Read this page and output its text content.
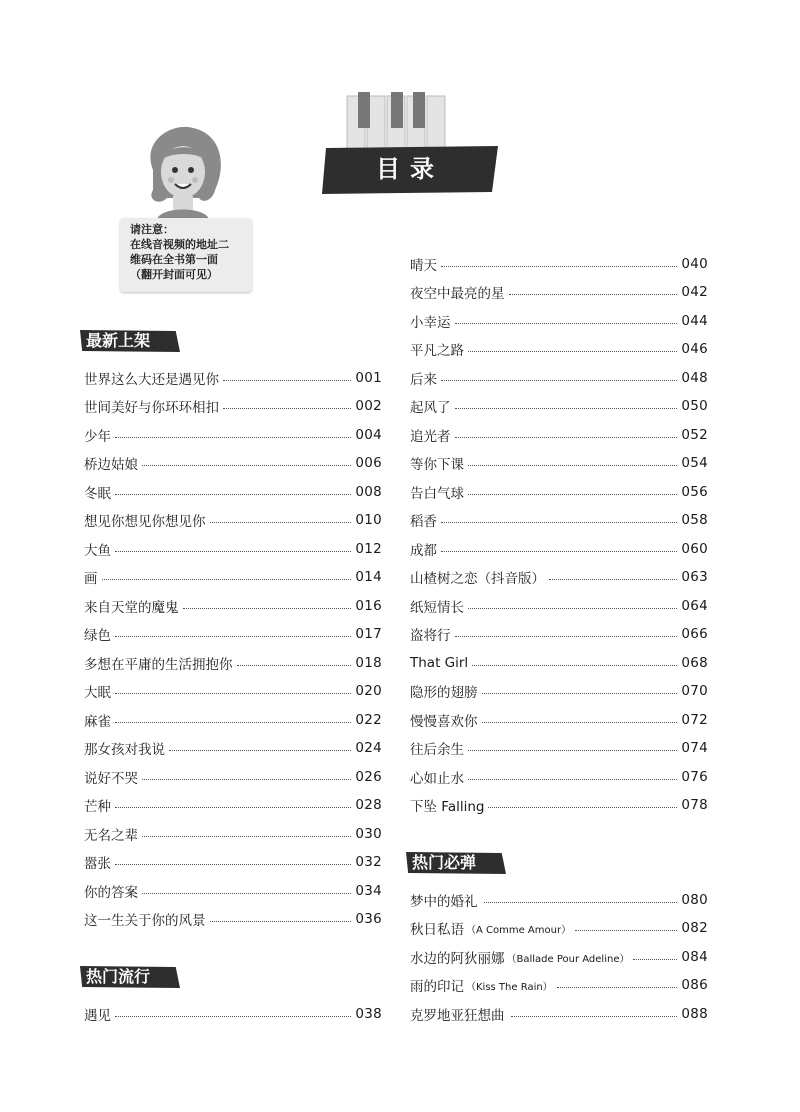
目录
请注意：
在线音视频的地址二
维码在全书第一面
（翻开封面可见）
最新上架
热门流行
热门必弹
世界这么大还是遇见你	001
世间美好与你环环相扣	002
少年	004
桥边姑娘	006
冬眠	008
想见你想见你想见你	010
大鱼	012
画	014
来自天堂的魔鬼	016
绿色	017
多想在平庸的生活拥抱你	018
大眠	020
麻雀	022
那女孩对我说	024
说好不哭	026
芒种	028
无名之辈	030
嚣张	032
你的答案	034
这一生关于你的风景	036
遇见	038
晴天	040
夜空中最亮的星	042
小幸运	044
平凡之路	046
后来	048
起风了	050
追光者	052
等你下课	054
告白气球	056
稻香	058
成都	060
山楂树之恋（抖音版）	063
纸短情长	064
盗将行	066
That Girl	068
隐形的翅膀	070
慢慢喜欢你	072
往后余生	074
心如止水	076
下坠 Falling	078
梦中的婚礼	080
秋日私语 （A Comme Amour）	082
水边的阿狄丽娜 （Ballade Pour Adeline）	084
雨的印记 （Kiss The Rain）	086
克罗地亚狂想曲	088
